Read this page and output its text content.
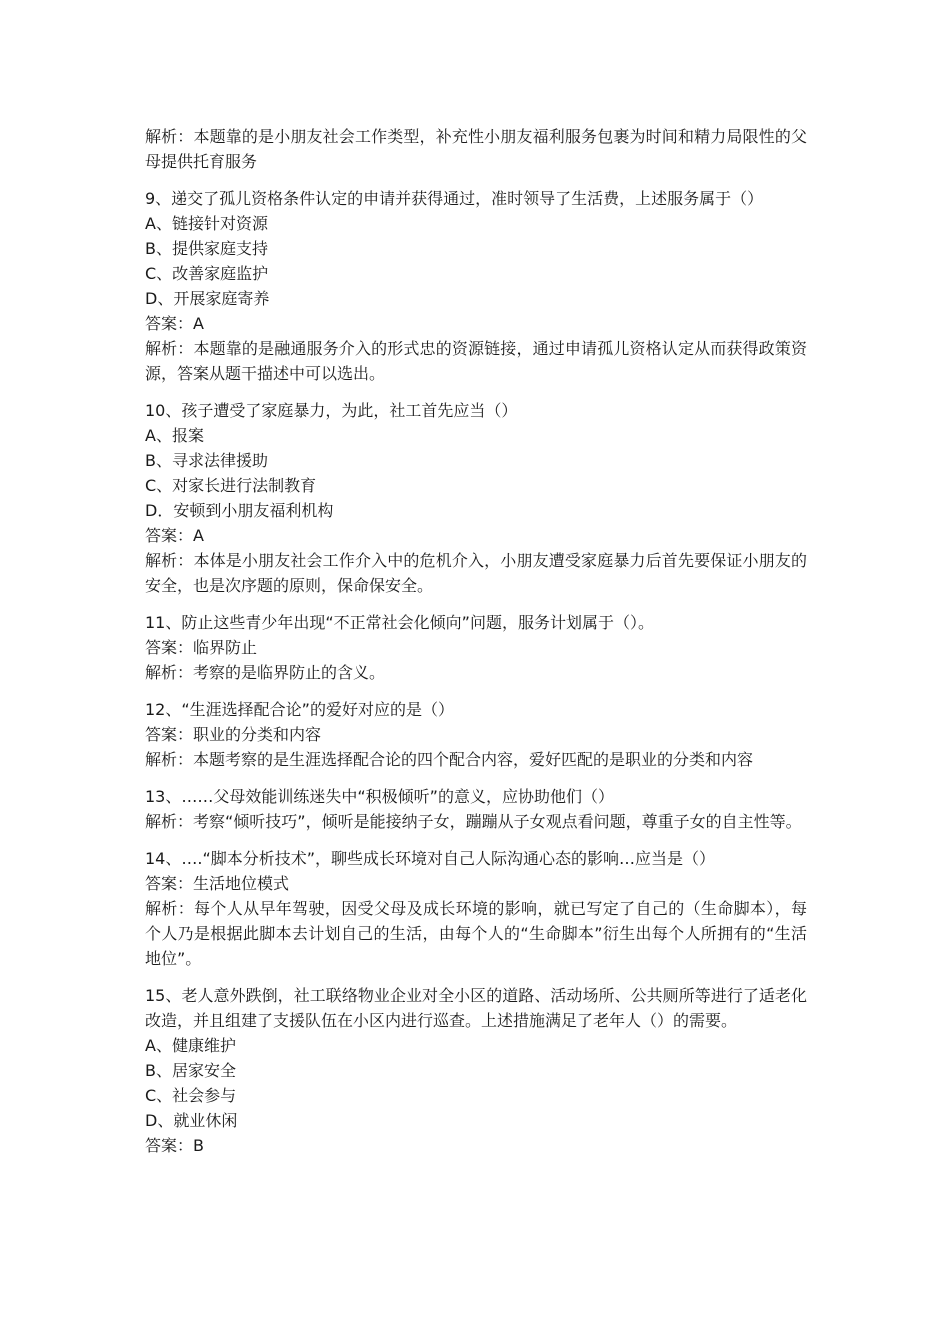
解析：本题靠的是小朋友社会工作类型，补充性小朋友福利服务包裹为时间和精力局限性的父母提供托育服务
9、递交了孤儿资格条件认定的申请并获得通过，准时领导了生活费，上述服务属于（）
A、链接针对资源
B、提供家庭支持
C、改善家庭监护
D、开展家庭寄养
答案：A
解析：本题靠的是融通服务介入的形式忠的资源链接，通过申请孤儿资格认定从而获得政策资源，答案从题干描述中可以选出。
10、孩子遭受了家庭暴力，为此，社工首先应当（）
A、报案
B、寻求法律援助
C、对家长进行法制教育
D．安顿到小朋友福利机构
答案：A
解析：本体是小朋友社会工作介入中的危机介入，小朋友遭受家庭暴力后首先要保证小朋友的安全，也是次序题的原则，保命保安全。
11、防止这些青少年出现“不正常社会化倾向”问题，服务计划属于（）。
答案：临界防止
解析：考察的是临界防止的含义。
12、“生涯选择配合论”的爱好对应的是（）
答案：职业的分类和内容
解析：本题考察的是生涯选择配合论的四个配合内容，爱好匹配的是职业的分类和内容
13、……父母效能训练迷失中“积极倾听”的意义，应协助他们（）
解析：考察“倾听技巧”，倾听是能接纳子女，蹦蹦从子女观点看问题，尊重子女的自主性等。
14、….“脚本分析技术”，聊些成长环境对自己人际沟通心态的影响…应当是（）
答案：生活地位模式
解析：每个人从早年驾驶，因受父母及成长环境的影响，就已写定了自己的（生命脚本），每个人乃是根据此脚本去计划自己的生活，由每个人的“生命脚本”衍生出每个人所拥有的“生活地位”。
15、老人意外跌倒，社工联络物业企业对全小区的道路、活动场所、公共厕所等进行了适老化改造，并且组建了支援队伍在小区内进行巡查。上述措施满足了老年人（）的需要。
A、健康维护
B、居家安全
C、社会参与
D、就业休闲
答案：B
